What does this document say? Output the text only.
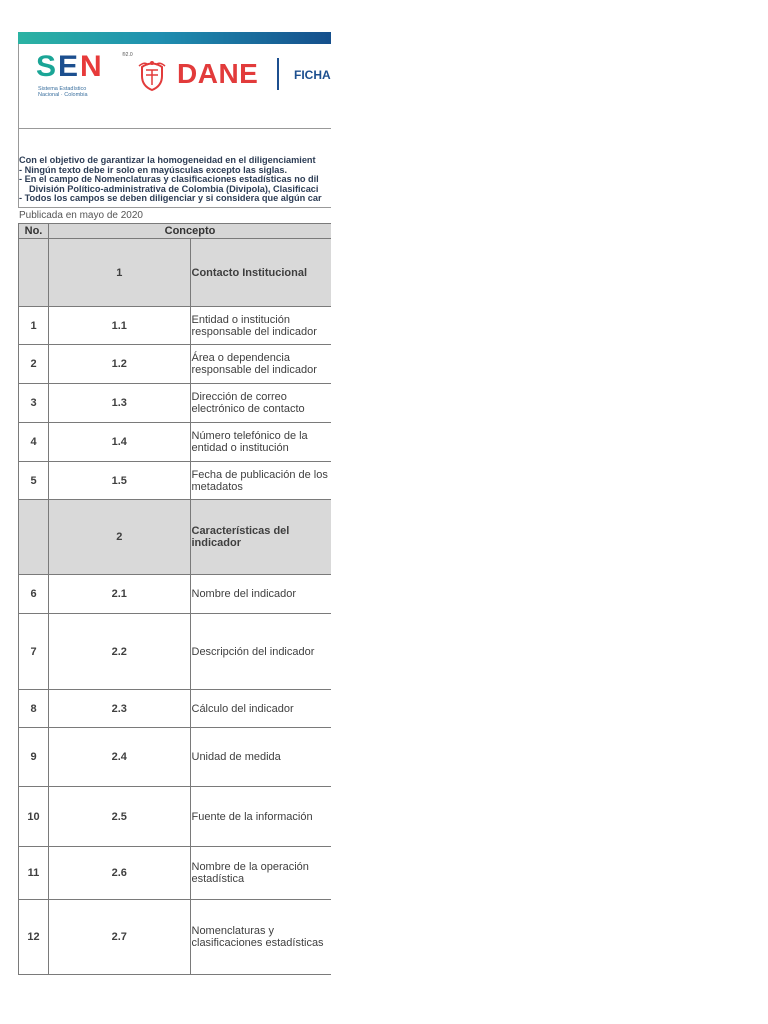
SEN	®2.0
Sistema Estadístico
Nacional · Colombia
DANE	FICHA
Con el objetivo de garantizar la homogeneidad en el diligenciamient
- Ningún texto debe ir solo en mayúsculas excepto las siglas.
- En el campo de Nomenclaturas y clasificaciones estadísticas no dil
División Político-administrativa de Colombia (Divipola), Clasificaci
- Todos los campos se deben diligenciar y si considera que algún car
Publicada en mayo de 2020
No.	Concepto	
	1	Contacto Institucional
1	1.1	Entidad o institución responsable del indicador
2	1.2	Área o dependencia responsable del indicador
3	1.3	Dirección de correo electrónico de contacto
4	1.4	Número telefónico de la entidad o institución
5	1.5	Fecha de publicación de los metadatos
	2	Características del indicador
6	2.1	Nombre del indicador
7	2.2	Descripción del indicador
8	2.3	Cálculo del indicador
9	2.4	Unidad de medida
10	2.5	Fuente de la información
11	2.6	Nombre de la operación estadística
12	2.7	Nomenclaturas y clasificaciones estadísticas
